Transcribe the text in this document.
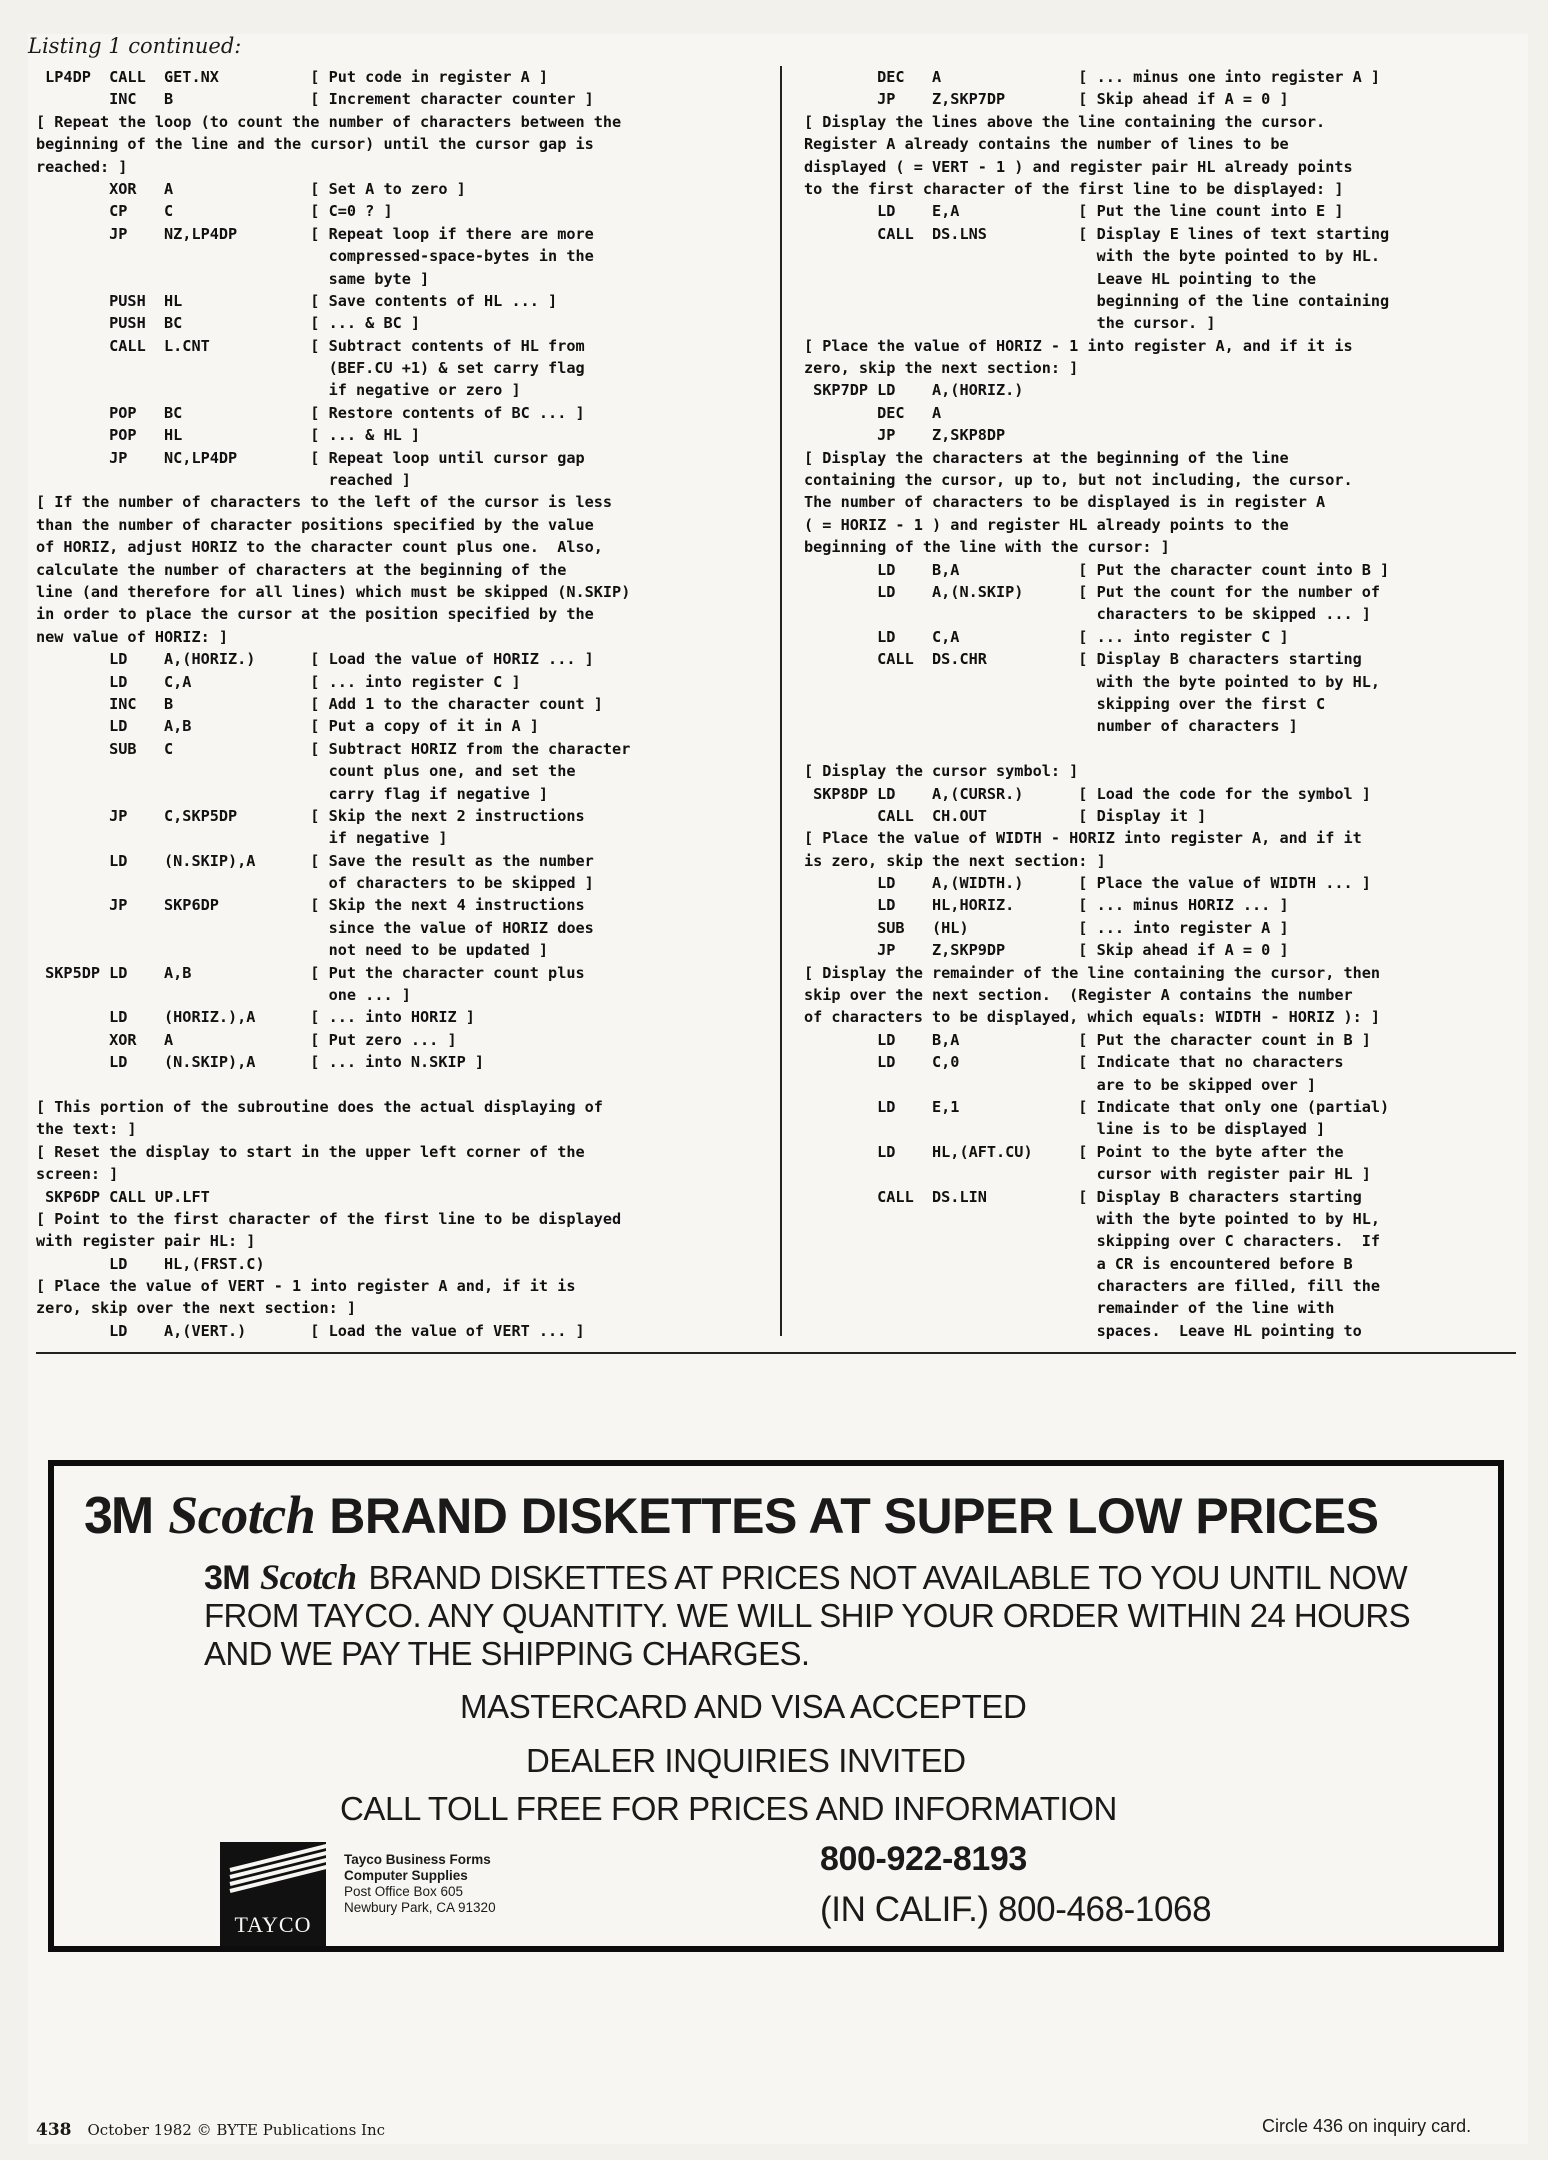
Listing 1 continued:
LP4DP  CALL  GET.NX          [ Put code in register A ]
INC   B               [ Increment character counter ]
[ Repeat the loop (to count the number of characters between the
beginning of the line and the cursor) until the cursor gap is
reached: ]
XOR   A               [ Set A to zero ]
CP    C               [ C=0 ? ]
JP    NZ,LP4DP        [ Repeat loop if there are more
compressed-space-bytes in the
same byte ]
PUSH  HL              [ Save contents of HL ... ]
PUSH  BC              [ ... & BC ]
CALL  L.CNT           [ Subtract contents of HL from
(BEF.CU +1) & set carry flag
if negative or zero ]
POP   BC              [ Restore contents of BC ... ]
POP   HL              [ ... & HL ]
JP    NC,LP4DP        [ Repeat loop until cursor gap
reached ]
[ If the number of characters to the left of the cursor is less
than the number of character positions specified by the value
of HORIZ, adjust HORIZ to the character count plus one.  Also,
calculate the number of characters at the beginning of the
line (and therefore for all lines) which must be skipped (N.SKIP)
in order to place the cursor at the position specified by the
new value of HORIZ: ]
LD    A,(HORIZ.)      [ Load the value of HORIZ ... ]
LD    C,A             [ ... into register C ]
INC   B               [ Add 1 to the character count ]
LD    A,B             [ Put a copy of it in A ]
SUB   C               [ Subtract HORIZ from the character
count plus one, and set the
carry flag if negative ]
JP    C,SKP5DP        [ Skip the next 2 instructions
if negative ]
LD    (N.SKIP),A      [ Save the result as the number
of characters to be skipped ]
JP    SKP6DP          [ Skip the next 4 instructions
since the value of HORIZ does
not need to be updated ]
SKP5DP LD    A,B             [ Put the character count plus
one ... ]
LD    (HORIZ.),A      [ ... into HORIZ ]
XOR   A               [ Put zero ... ]
LD    (N.SKIP),A      [ ... into N.SKIP ]
[ This portion of the subroutine does the actual displaying of
the text: ]
[ Reset the display to start in the upper left corner of the
screen: ]
SKP6DP CALL UP.LFT
[ Point to the first character of the first line to be displayed
with register pair HL: ]
LD    HL,(FRST.C)
[ Place the value of VERT - 1 into register A and, if it is
zero, skip over the next section: ]
LD    A,(VERT.)       [ Load the value of VERT ... ]
DEC   A               [ ... minus one into register A ]
JP    Z,SKP7DP        [ Skip ahead if A = 0 ]
[ Display the lines above the line containing the cursor.
Register A already contains the number of lines to be
displayed ( = VERT - 1 ) and register pair HL already points
to the first character of the first line to be displayed: ]
LD    E,A             [ Put the line count into E ]
CALL  DS.LNS          [ Display E lines of text starting
with the byte pointed to by HL.
Leave HL pointing to the
beginning of the line containing
the cursor. ]
[ Place the value of HORIZ - 1 into register A, and if it is
zero, skip the next section: ]
SKP7DP LD    A,(HORIZ.)
DEC   A
JP    Z,SKP8DP
[ Display the characters at the beginning of the line
containing the cursor, up to, but not including, the cursor.
The number of characters to be displayed is in register A
( = HORIZ - 1 ) and register HL already points to the
beginning of the line with the cursor: ]
LD    B,A             [ Put the character count into B ]
LD    A,(N.SKIP)      [ Put the count for the number of
characters to be skipped ... ]
LD    C,A             [ ... into register C ]
CALL  DS.CHR          [ Display B characters starting
with the byte pointed to by HL,
skipping over the first C
number of characters ]
[ Display the cursor symbol: ]
SKP8DP LD    A,(CURSR.)      [ Load the code for the symbol ]
CALL  CH.OUT          [ Display it ]
[ Place the value of WIDTH - HORIZ into register A, and if it
is zero, skip the next section: ]
LD    A,(WIDTH.)      [ Place the value of WIDTH ... ]
LD    HL,HORIZ.       [ ... minus HORIZ ... ]
SUB   (HL)            [ ... into register A ]
JP    Z,SKP9DP        [ Skip ahead if A = 0 ]
[ Display the remainder of the line containing the cursor, then
skip over the next section.  (Register A contains the number
of characters to be displayed, which equals: WIDTH - HORIZ ): ]
LD    B,A             [ Put the character count in B ]
LD    C,0             [ Indicate that no characters
are to be skipped over ]
LD    E,1             [ Indicate that only one (partial)
line is to be displayed ]
LD    HL,(AFT.CU)     [ Point to the byte after the
cursor with register pair HL ]
CALL  DS.LIN          [ Display B characters starting
with the byte pointed to by HL,
skipping over C characters.  If
a CR is encountered before B
characters are filled, fill the
remainder of the line with
spaces.  Leave HL pointing to
3M Scotch BRAND DISKETTES AT SUPER LOW PRICES
3M Scotch BRAND DISKETTES AT PRICES NOT AVAILABLE TO YOU UNTIL NOW FROM TAYCO. ANY QUANTITY. WE WILL SHIP YOUR ORDER WITHIN 24 HOURS AND WE PAY THE SHIPPING CHARGES.
MASTERCARD AND VISA ACCEPTED
DEALER INQUIRIES INVITED
CALL TOLL FREE FOR PRICES AND INFORMATION
800-922-8193
(IN CALIF.) 800-468-1068
TAYCO
Tayco Business Forms
Computer Supplies
Post Office Box 605
Newbury Park, CA 91320
438 October 1982 © BYTE Publications Inc	Circle 436 on inquiry card.
